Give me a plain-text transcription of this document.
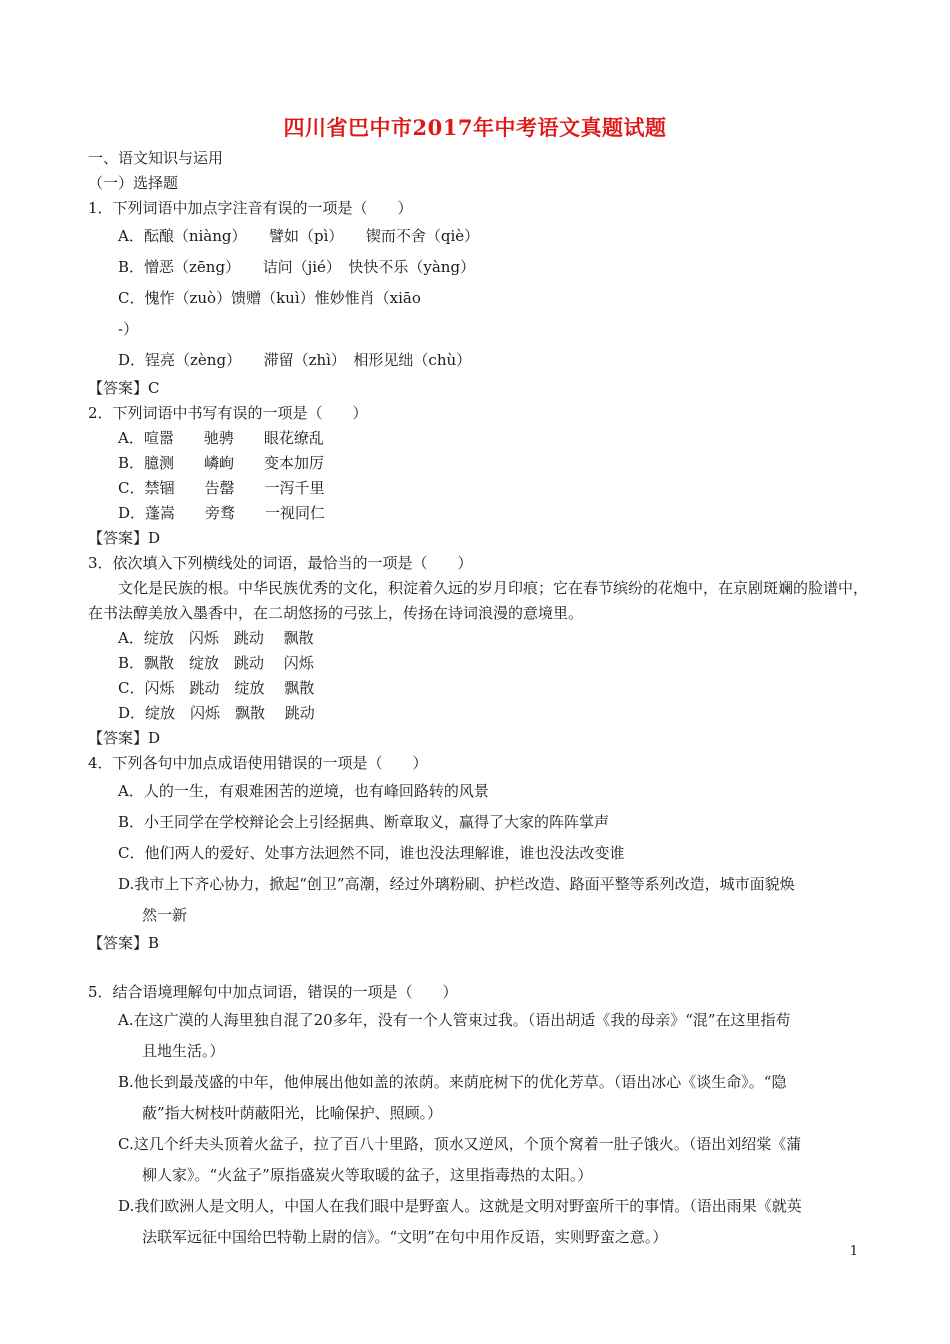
四川省巴中市2017年中考语文真题试题
一、语文知识与运用
（一）选择题
1．下列词语中加点字注音有误的一项是（　　）
A．酝酿（niàng）　　譬如（pì）　　锲而不舍（qiè）
B．憎恶（zēng）　　诘问（jié）　快快不乐（yàng）
C．愧怍（zuò）馈赠（kuì）惟妙惟肖（xiāo
-）
D．锃亮（zèng）　　滞留（zhì）　相形见绌（chù）
【答案】C
2．下列词语中书写有误的一项是（　　）
A．喧嚣　　驰骋　　眼花缭乱
B．臆测　　嶙峋　　变本加厉
C．禁锢　　告罄　　一泻千里
D．蓬嵩　　旁骛　　一视同仁
【答案】D
3．依次填入下列横线处的词语，最恰当的一项是（　　）
文化是民族的根。中华民族优秀的文化，积淀着久远的岁月印痕；它在春节缤纷的花炮中，在京剧斑斓的脸谱中，在书法醇美放入墨香中，在二胡悠扬的弓弦上，传扬在诗词浪漫的意境里。
A．绽放　闪烁　跳动　 飘散
B．飘散　绽放　跳动　 闪烁
C．闪烁　跳动　绽放　 飘散
D．绽放　闪烁　飘散　 跳动
【答案】D
4．下列各句中加点成语使用错误的一项是（　　）
A．人的一生，有艰难困苦的逆境，也有峰回路转的风景
B．小王同学在学校辩论会上引经据典、断章取义，赢得了大家的阵阵掌声
C．他们两人的爱好、处事方法迥然不同，谁也没法理解谁，谁也没法改变谁
D.我市上下齐心协力，掀起“创卫”高潮，经过外璃粉刷、护栏改造、路面平整等系列改造，城市面貌焕
然一新
【答案】B
5．结合语境理解句中加点词语，错误的一项是（　　）
A.在这广漠的人海里独自混了20多年，没有一个人管束过我。（语出胡适《我的母亲》“混”在这里指苟
且地生活。）
B.他长到最茂盛的中年，他伸展出他如盖的浓荫。来荫庇树下的优化芳草。（语出冰心《谈生命》。“隐
蔽”指大树枝叶荫蔽阳光，比喻保护、照顾。）
C.这几个纤夫头顶着火盆子，拉了百八十里路，顶水又逆风，个顶个窝着一肚子饿火。（语出刘绍棠《蒲
柳人家》。“火盆子”原指盛炭火等取暖的盆子，这里指毒热的太阳。）
D.我们欧洲人是文明人，中国人在我们眼中是野蛮人。这就是文明对野蛮所干的事情。（语出雨果《就英
法联军远征中国给巴特勒上尉的信》。“文明”在句中用作反语，实则野蛮之意。）
1
